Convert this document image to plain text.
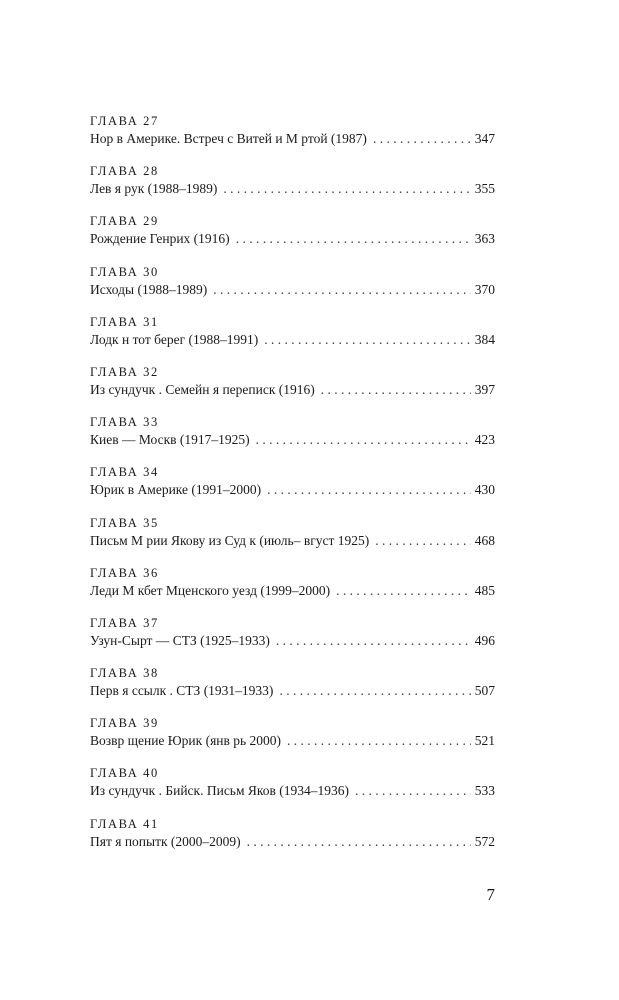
ГЛАВА 27
Нор в Америке. Встреч с Витей и М ртой (1987) . . .	347
ГЛАВА 28
Лев я рук (1988–1989) . . .	355
ГЛАВА 29
Рождение Генрих (1916) . . .	363
ГЛАВА 30
Исходы (1988–1989) . . .	370
ГЛАВА 31
Лодк н тот берег (1988–1991) . . .	384
ГЛАВА 32
Из сундучк . Семейн я переписк (1916) . . .	397
ГЛАВА 33
Киев — Москв (1917–1925) . . .	423
ГЛАВА 34
Юрик в Америке (1991–2000) . . .	430
ГЛАВА 35
Письм М рии Якову из Суд к (июль– вгуст 1925) . . .	468
ГЛАВА 36
Леди М кбет Мценского уезд (1999–2000) . . .	485
ГЛАВА 37
Узун-Сырт — СТЗ (1925–1933) . . .	496
ГЛАВА 38
Перв я ссылк . СТЗ (1931–1933) . . .	507
ГЛАВА 39
Возвр щение Юрик (янв рь 2000) . . .	521
ГЛАВА 40
Из сундучк . Бийск. Письм Яков (1934–1936) . . .	533
ГЛАВА 41
Пят я попытк (2000–2009) . . .	572
7
